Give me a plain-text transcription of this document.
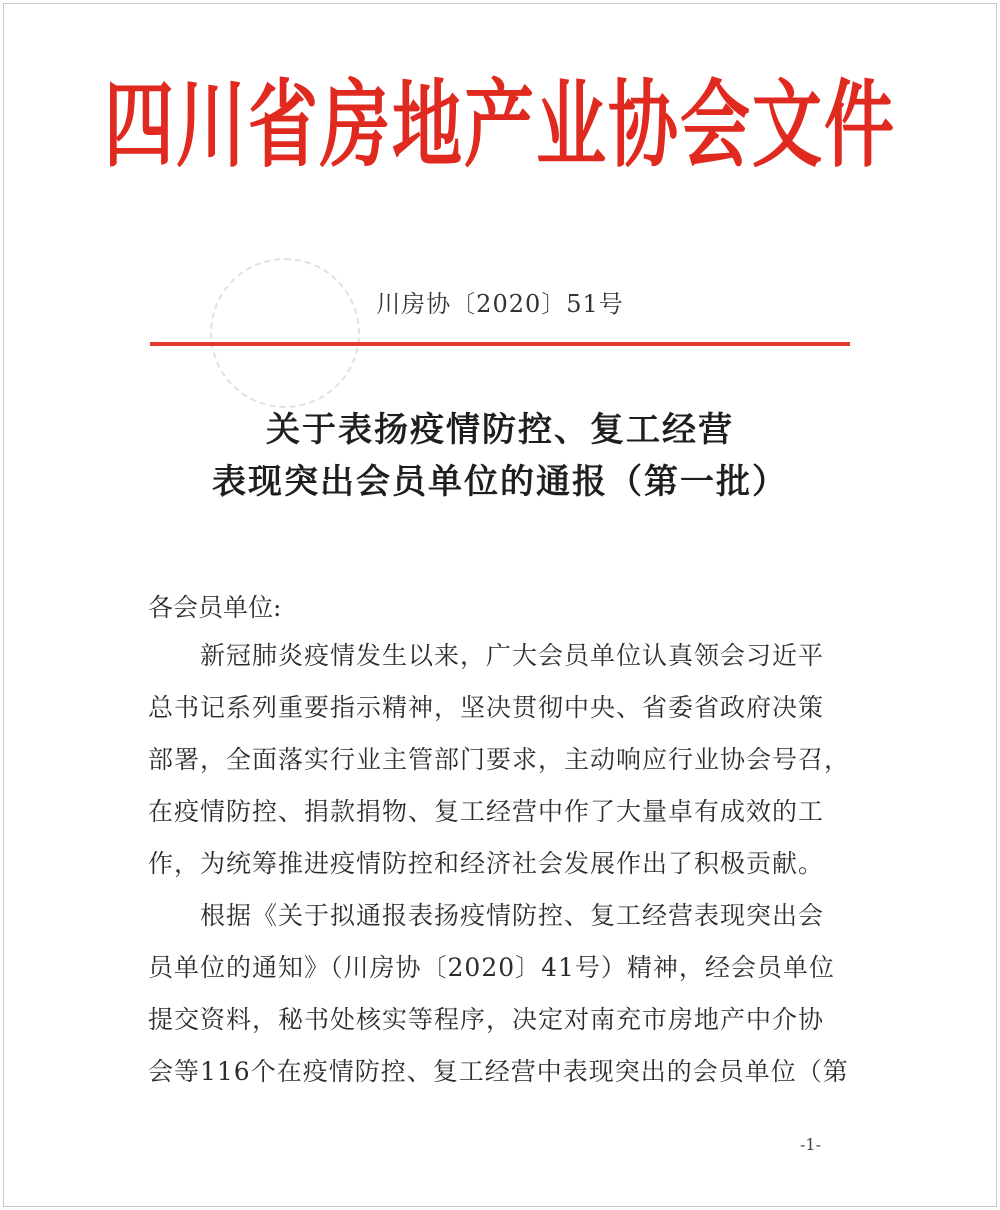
四川省房地产业协会文件
川房协〔2020〕51号
关于表扬疫情防控、复工经营
表现突出会员单位的通报（第一批）
各会员单位:
新冠肺炎疫情发生以来，广大会员单位认真领会习近平
总书记系列重要指示精神，坚决贯彻中央、省委省政府决策
部署，全面落实行业主管部门要求，主动响应行业协会号召，
在疫情防控、捐款捐物、复工经营中作了大量卓有成效的工
作，为统筹推进疫情防控和经济社会发展作出了积极贡献。
根据《关于拟通报表扬疫情防控、复工经营表现突出会
员单位的通知》（川房协〔2020〕41号）精神，经会员单位
提交资料，秘书处核实等程序，决定对南充市房地产中介协
会等116个在疫情防控、复工经营中表现突出的会员单位（第
-1-
